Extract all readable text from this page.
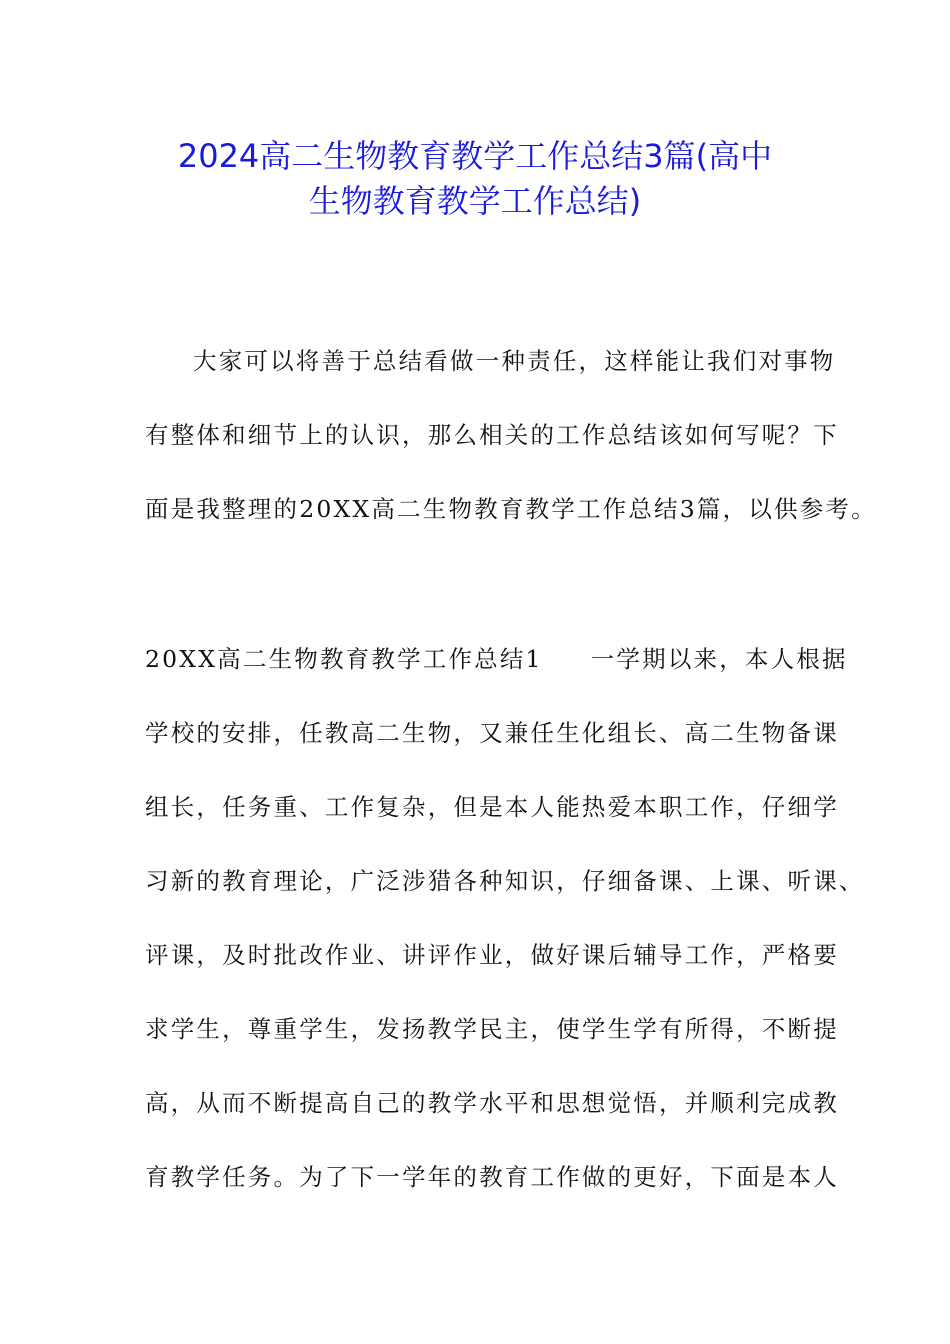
2024高二生物教育教学工作总结3篇(高中
生物教育教学工作总结)
大家可以将善于总结看做一种责任，这样能让我们对事物
有整体和细节上的认识，那么相关的工作总结该如何写呢？下
面是我整理的20XX高二生物教育教学工作总结3篇，以供参考。
20XX高二生物教育教学工作总结1 一学期以来，本人根据
学校的安排，任教高二生物，又兼任生化组长、高二生物备课
组长，任务重、工作复杂，但是本人能热爱本职工作，仔细学
习新的教育理论，广泛涉猎各种知识，仔细备课、上课、听课、
评课，及时批改作业、讲评作业，做好课后辅导工作，严格要
求学生，尊重学生，发扬教学民主，使学生学有所得，不断提
高，从而不断提高自己的教学水平和思想觉悟，并顺利完成教
育教学任务。为了下一学年的教育工作做的更好，下面是本人
